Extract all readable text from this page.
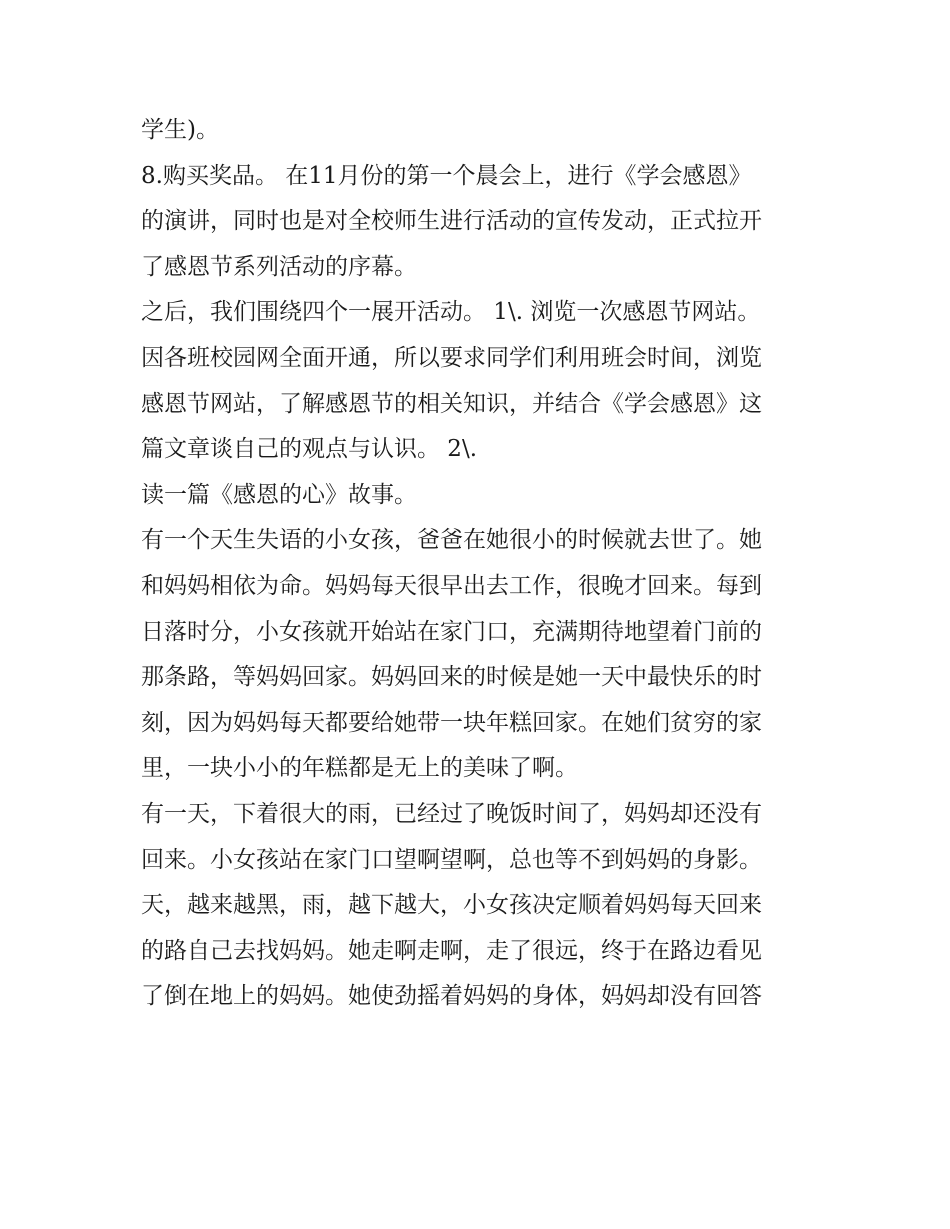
学生)。
8.购买奖品。 在11月份的第一个晨会上，进行《学会感恩》
的演讲，同时也是对全校师生进行活动的宣传发动，正式拉开
了感恩节系列活动的序幕。
之后，我们围绕四个一展开活动。 1\. 浏览一次感恩节网站。
因各班校园网全面开通，所以要求同学们利用班会时间，浏览
感恩节网站，了解感恩节的相关知识，并结合《学会感恩》这
篇文章谈自己的观点与认识。 2\.
读一篇《感恩的心》故事。
有一个天生失语的小女孩，爸爸在她很小的时候就去世了。她
和妈妈相依为命。妈妈每天很早出去工作，很晚才回来。每到
日落时分，小女孩就开始站在家门口，充满期待地望着门前的
那条路，等妈妈回家。妈妈回来的时候是她一天中最快乐的时
刻，因为妈妈每天都要给她带一块年糕回家。在她们贫穷的家
里，一块小小的年糕都是无上的美味了啊。
有一天，下着很大的雨，已经过了晚饭时间了，妈妈却还没有
回来。小女孩站在家门口望啊望啊，总也等不到妈妈的身影。
天，越来越黑，雨，越下越大，小女孩决定顺着妈妈每天回来
的路自己去找妈妈。她走啊走啊，走了很远，终于在路边看见
了倒在地上的妈妈。她使劲摇着妈妈的身体，妈妈却没有回答
